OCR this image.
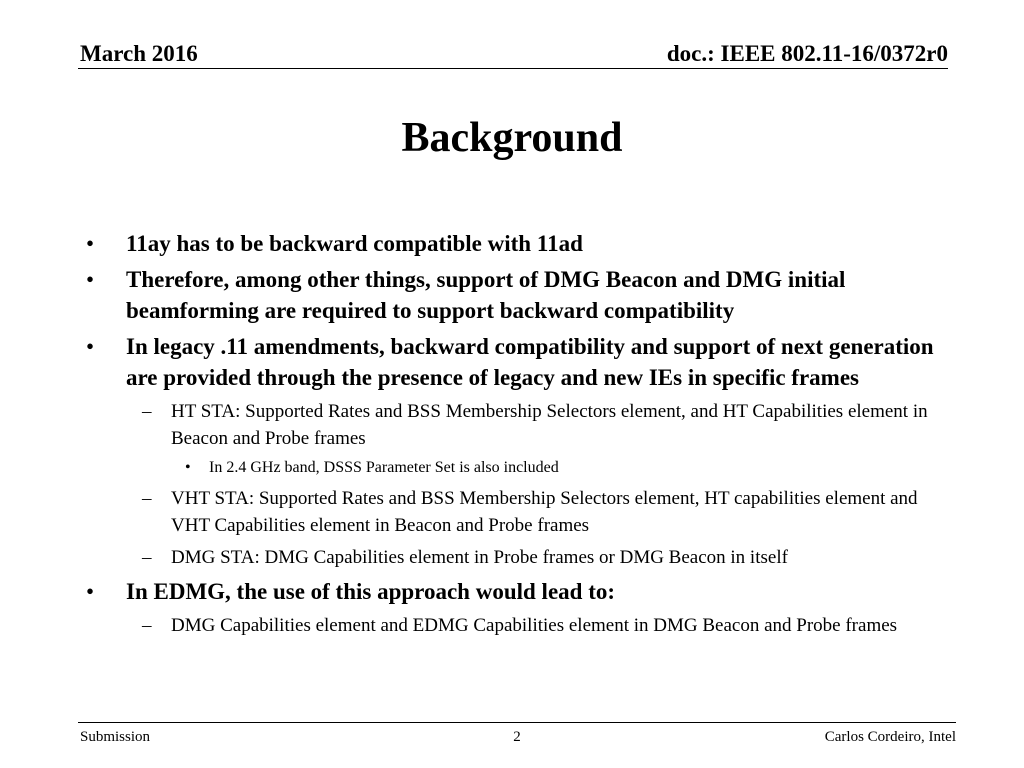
March 2016	doc.: IEEE 802.11-16/0372r0
Background
• 11ay has to be backward compatible with 11ad
• Therefore, among other things, support of DMG Beacon and DMG initial beamforming are required to support backward compatibility
• In legacy .11 amendments, backward compatibility and support of next generation are provided through the presence of legacy and new IEs in specific frames
– HT STA: Supported Rates and BSS Membership Selectors element, and HT Capabilities element in Beacon and Probe frames
• In 2.4 GHz band, DSSS Parameter Set is also included
– VHT STA: Supported Rates and BSS Membership Selectors element, HT capabilities element and VHT Capabilities element in Beacon and Probe frames
– DMG STA: DMG Capabilities element in Probe frames or DMG Beacon in itself
• In EDMG, the use of this approach would lead to:
– DMG Capabilities element and EDMG Capabilities element in DMG Beacon and Probe frames
Submission	2	Carlos Cordeiro, Intel
